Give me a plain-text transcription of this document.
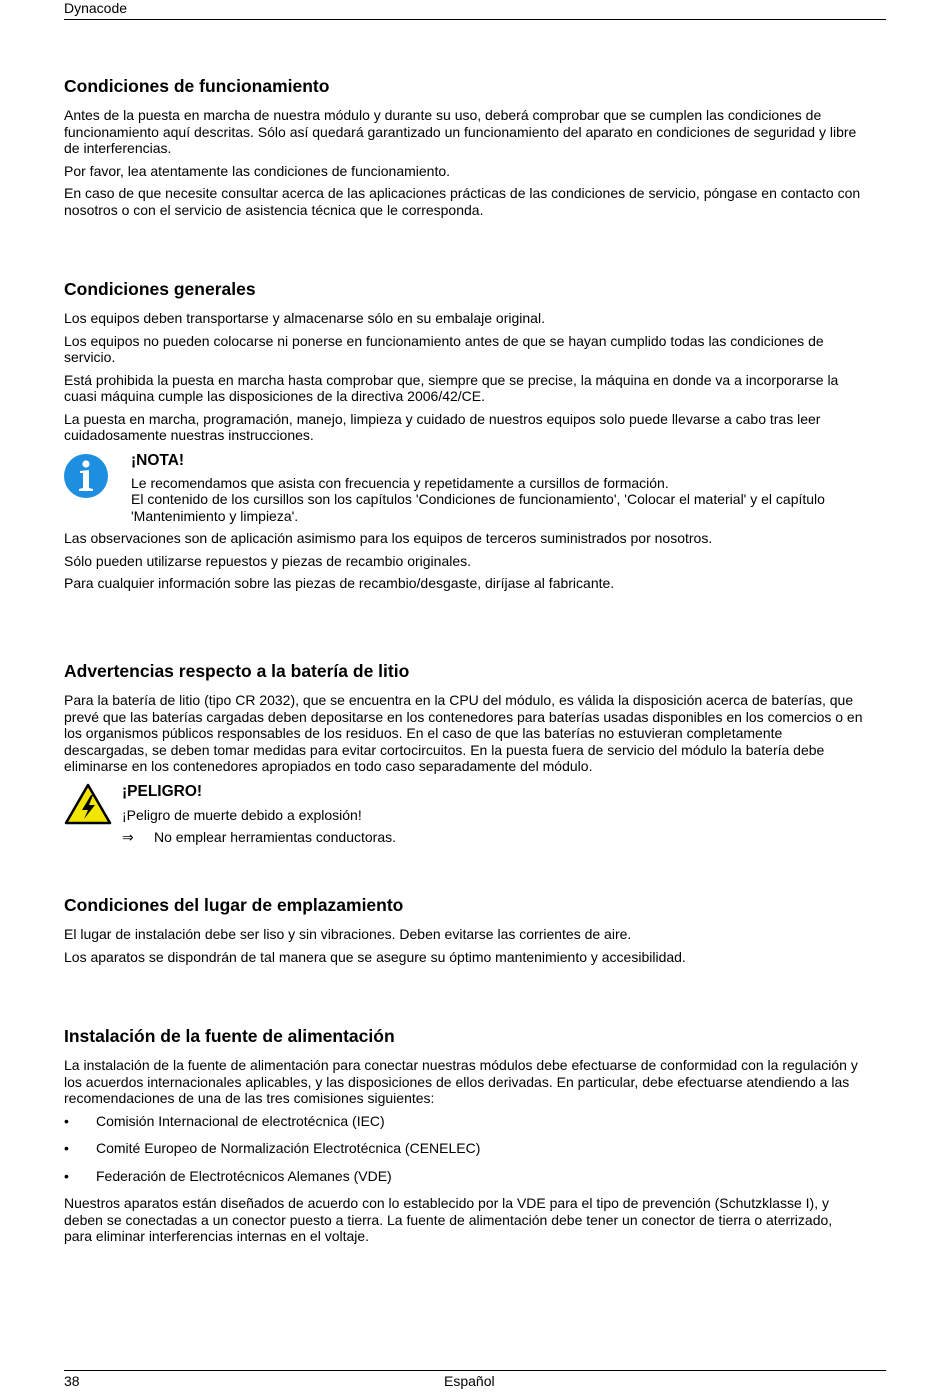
Dynacode
Condiciones de funcionamiento

Antes de la puesta en marcha de nuestra módulo y durante su uso, deberá comprobar que se cumplen las condiciones de funcionamiento aquí descritas. Sólo así quedará garantizado un funcionamiento del aparato en condiciones de seguridad y libre de interferencias.

Por favor, lea atentamente las condiciones de funcionamiento.

En caso de que necesite consultar acerca de las aplicaciones prácticas de las condiciones de servicio, póngase en contacto con nosotros o con el servicio de asistencia técnica que le corresponda.

Condiciones generales

Los equipos deben transportarse y almacenarse sólo en su embalaje original.

Los equipos no pueden colocarse ni ponerse en funcionamiento antes de que se hayan cumplido todas las condiciones de servicio.

Está prohibida la puesta en marcha hasta comprobar que, siempre que se precise, la máquina en donde va a incorporarse la cuasi máquina cumple las disposiciones de la directiva 2006/42/CE.

La puesta en marcha, programación, manejo, limpieza y cuidado de nuestros equipos solo puede llevarse a cabo tras leer cuidadosamente nuestras instrucciones.

¡NOTA!

Le recomendamos que asista con frecuencia y repetidamente a cursillos de formación.

El contenido de los cursillos son los capítulos 'Condiciones de funcionamiento', 'Colocar el material' y el capítulo 'Mantenimiento y limpieza'.

Las observaciones son de aplicación asimismo para los equipos de terceros suministrados por nosotros.

Sólo pueden utilizarse repuestos y piezas de recambio originales.

Para cualquier información sobre las piezas de recambio/desgaste, diríjase al fabricante.

Advertencias respecto a la batería de litio

Para la batería de litio (tipo CR 2032), que se encuentra en la CPU del módulo, es válida la disposición acerca de baterías, que prevé que las baterías cargadas deben depositarse en los contenedores para baterías usadas disponibles en los comercios o en los organismos públicos responsables de los residuos. En el caso de que las baterías no estuvieran completamente descargadas, se deben tomar medidas para evitar cortocircuitos. En la puesta fuera de servicio del módulo la batería debe eliminarse en los contenedores apropiados en todo caso separadamente del módulo.

¡PELIGRO!

¡Peligro de muerte debido a explosión!

⇒ No emplear herramientas conductoras.

Condiciones del lugar de emplazamiento

El lugar de instalación debe ser liso y sin vibraciones. Deben evitarse las corrientes de aire.

Los aparatos se dispondrán de tal manera que se asegure su óptimo mantenimiento y accesibilidad.

Instalación de la fuente de alimentación

La instalación de la fuente de alimentación para conectar nuestras módulos debe efectuarse de conformidad con la regulación y los acuerdos internacionales aplicables, y las disposiciones de ellos derivadas. En particular, debe efectuarse atendiendo a las recomendaciones de una de las tres comisiones siguientes:

• Comisión Internacional de electrotécnica (IEC)
• Comité Europeo de Normalización Electrotécnica (CENELEC)
• Federación de Electrotécnicos Alemanes (VDE)

Nuestros aparatos están diseñados de acuerdo con lo establecido por la VDE para el tipo de prevención (Schutzklasse I), y deben se conectadas a un conector puesto a tierra. La fuente de alimentación debe tener un conector de tierra o aterrizado, para eliminar interferencias internas en el voltaje.

38	Español
